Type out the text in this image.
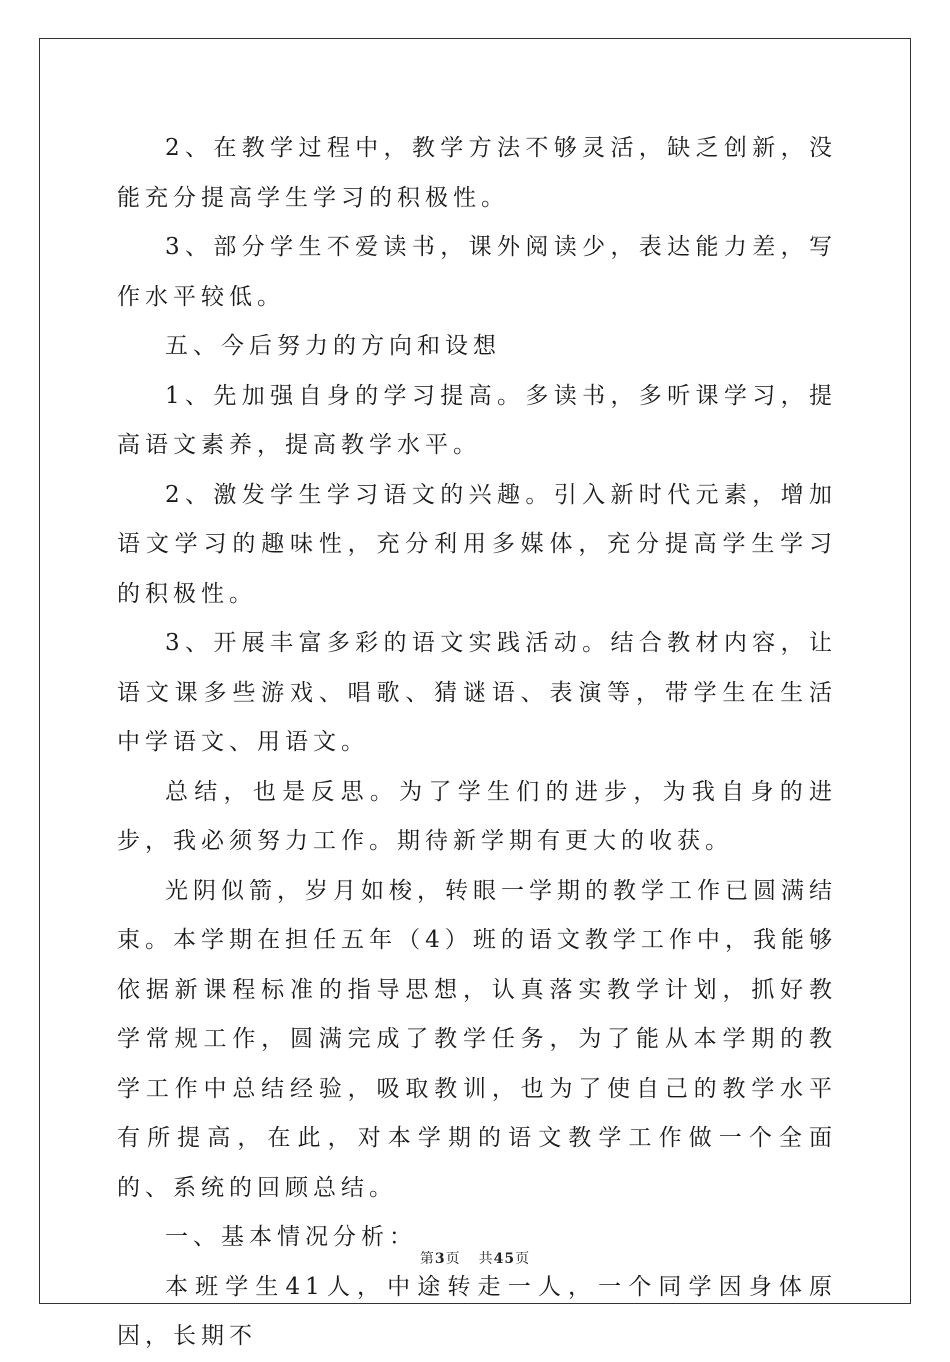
2、在教学过程中，教学方法不够灵活，缺乏创新，没能充分提高学生学习的积极性。

3、部分学生不爱读书，课外阅读少，表达能力差，写作水平较低。

五、今后努力的方向和设想

1、先加强自身的学习提高。多读书，多听课学习，提高语文素养，提高教学水平。

2、激发学生学习语文的兴趣。引入新时代元素，增加语文学习的趣味性，充分利用多媒体，充分提高学生学习的积极性。

3、开展丰富多彩的语文实践活动。结合教材内容，让语文课多些游戏、唱歌、猜谜语、表演等，带学生在生活中学语文、用语文。

总结，也是反思。为了学生们的进步，为我自身的进步，我必须努力工作。期待新学期有更大的收获。

光阴似箭，岁月如梭，转眼一学期的教学工作已圆满结束。本学期在担任五年（4）班的语文教学工作中，我能够依据新课程标准的指导思想，认真落实教学计划，抓好教学常规工作，圆满完成了教学任务，为了能从本学期的教学工作中总结经验，吸取教训，也为了使自己的教学水平有所提高，在此，对本学期的语文教学工作做一个全面的、系统的回顾总结。

一、基本情况分析：

本班学生41人，中途转走一人，一个同学因身体原因，长期不

第3页 共45页
